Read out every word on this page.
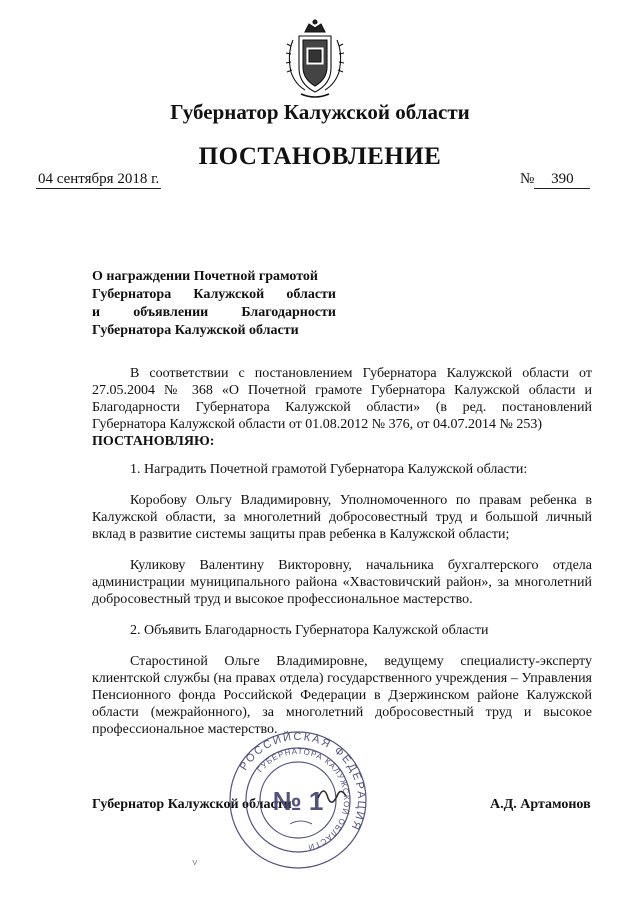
Губернатор Калужской области
ПОСТАНОВЛЕНИЕ
04 сентября 2018 г.	№ 390
О награждении Почетной грамотой
Губернатора Калужской области
и объявлении Благодарности
Губернатора Калужской области

В соответствии с постановлением Губернатора Калужской области от 27.05.2004 № 368 «О Почетной грамоте Губернатора Калужской области и Благодарности Губернатора Калужской области» (в ред. постановлений Губернатора Калужской области от 01.08.2012 № 376, от 04.07.2014 № 253)

ПОСТАНОВЛЯЮ:

1. Наградить Почетной грамотой Губернатора Калужской области:

Коробову Ольгу Владимировну, Уполномоченного по правам ребенка в Калужской области, за многолетний добросовестный труд и большой личный вклад в развитие системы защиты прав ребенка в Калужской области;

Куликову Валентину Викторовну, начальника бухгалтерского отдела администрации муниципального района «Хвастовичский район», за многолетний добросовестный труд и высокое профессиональное мастерство.

2. Объявить Благодарность Губернатора Калужской области

Старостиной Ольге Владимировне, ведущему специалисту-эксперту клиентской службы (на правах отдела) государственного учреждения – Управления Пенсионного фонда Российской Федерации в Дзержинском районе Калужской области (межрайонного), за многолетний добросовестный труд и высокое профессиональное мастерство.

Губернатор Калужской области	А.Д. Артамонов
РОССИЙСКАЯ ФЕДЕРАЦИЯ
ГУБЕРНАТОРА КАЛУЖСКОЙ ОБЛАСТИ
№ 1
˅
